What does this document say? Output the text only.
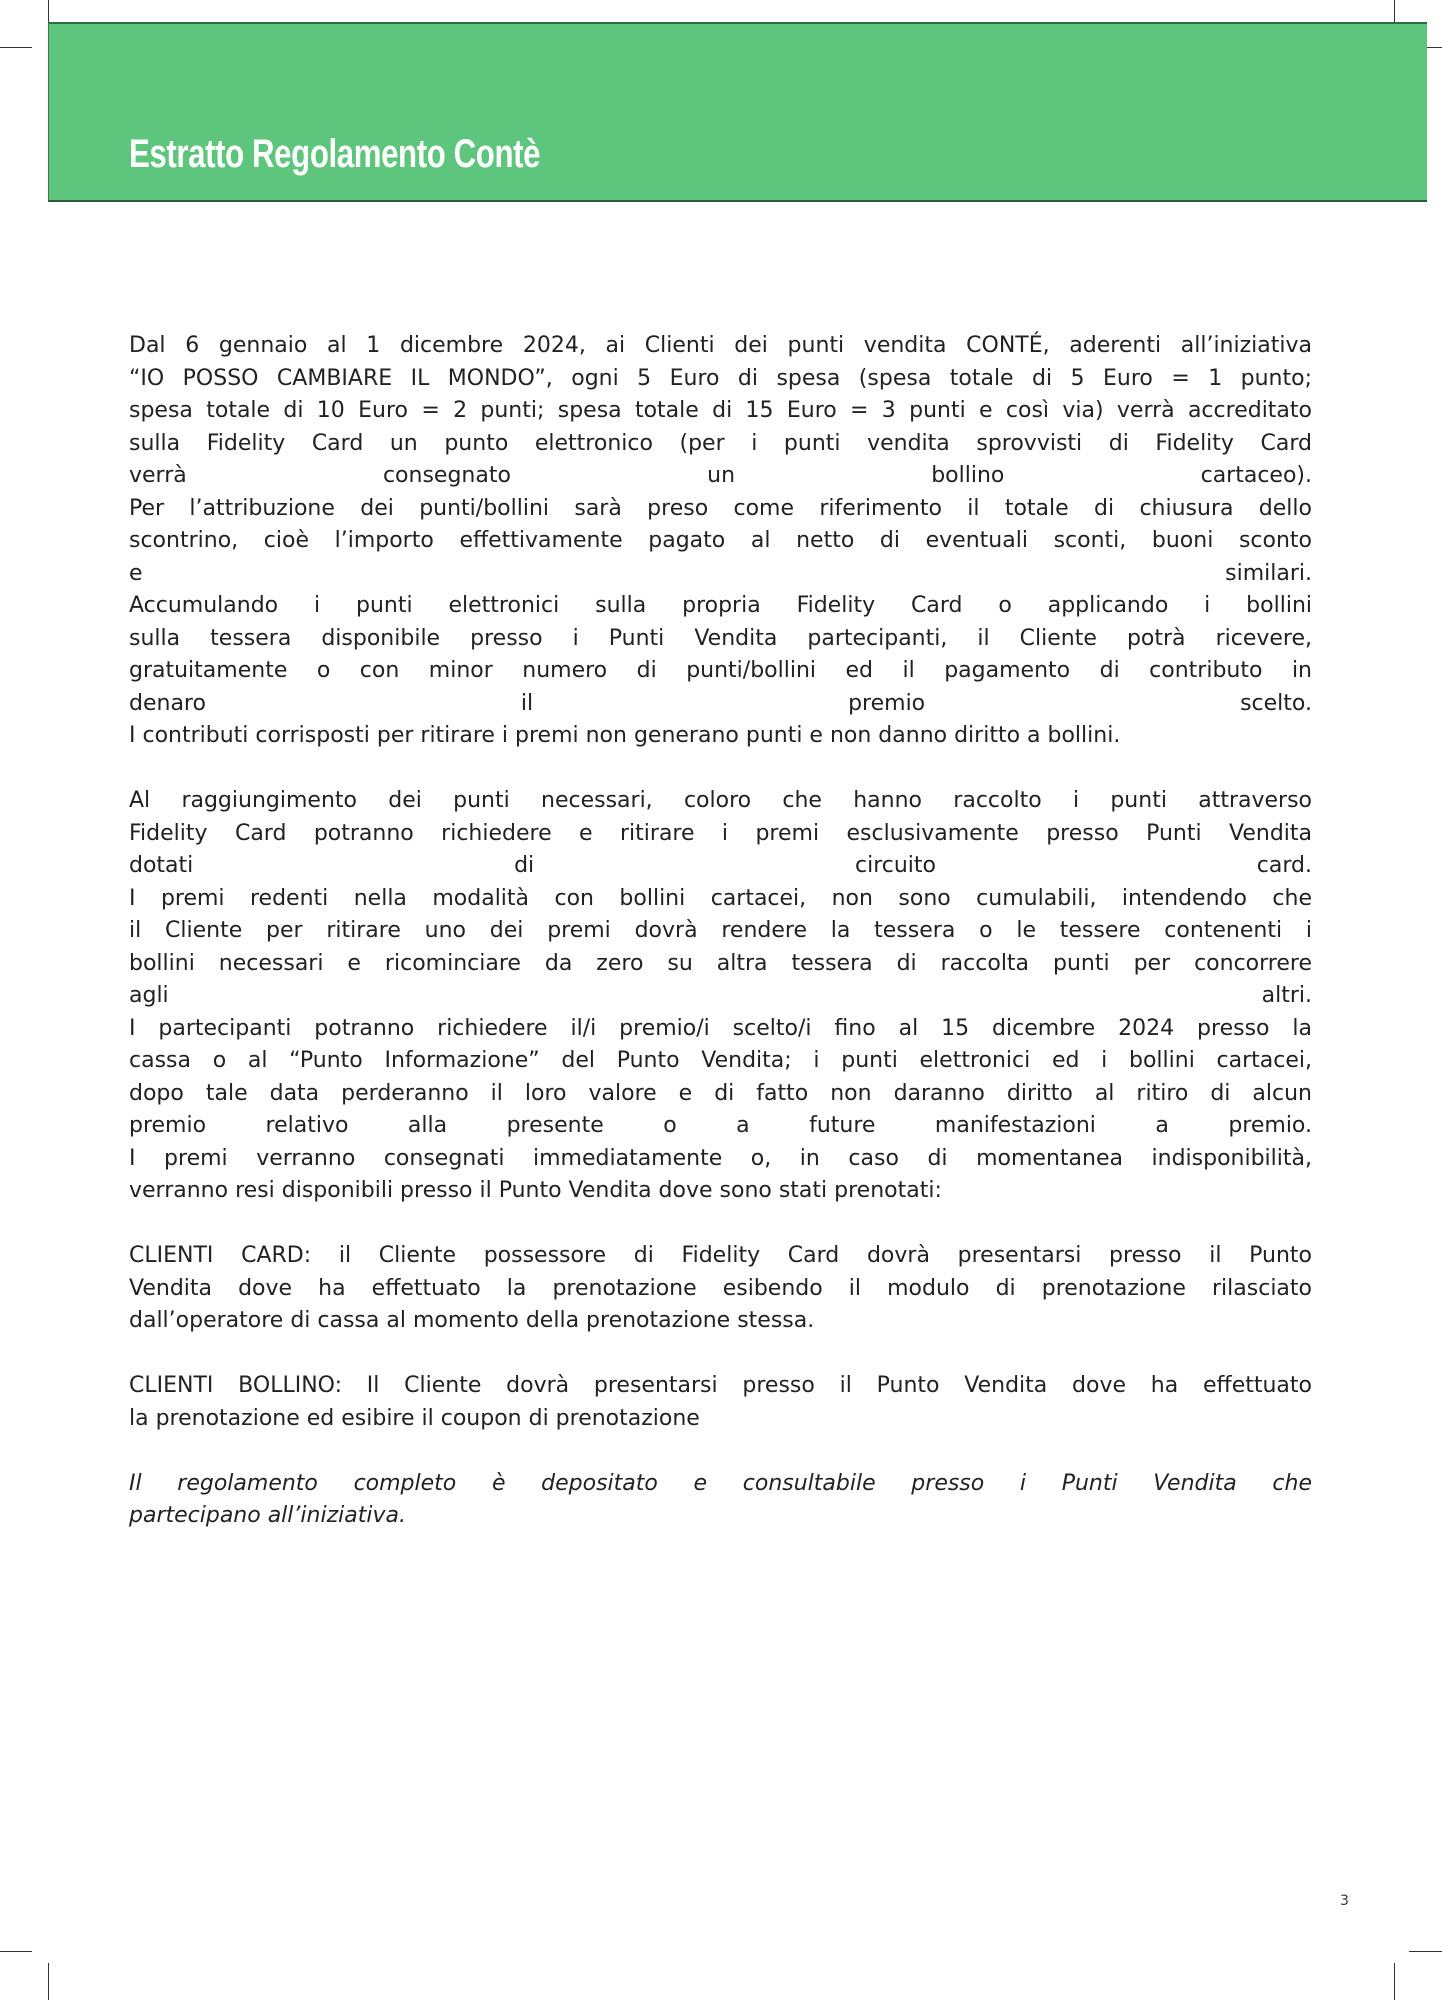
Estratto Regolamento Contè
Dal 6 gennaio al 1 dicembre 2024, ai Clienti dei punti vendita CONTÉ, aderenti all’iniziativa
“IO POSSO CAMBIARE IL MONDO”, ogni 5 Euro di spesa (spesa totale di 5 Euro = 1 punto;
spesa totale di 10 Euro = 2 punti; spesa totale di 15 Euro = 3 punti e così via) verrà accreditato
sulla Fidelity Card un punto elettronico (per i punti vendita sprovvisti di Fidelity Card
verrà consegnato un bollino cartaceo).
Per l’attribuzione dei punti/bollini sarà preso come riferimento il totale di chiusura dello
scontrino, cioè l’importo effettivamente pagato al netto di eventuali sconti, buoni sconto
e similari.
Accumulando i punti elettronici sulla propria Fidelity Card o applicando i bollini
sulla tessera disponibile presso i Punti Vendita partecipanti, il Cliente potrà ricevere,
gratuitamente o con minor numero di punti/bollini ed il pagamento di contributo in
denaro il premio scelto.
I contributi corrisposti per ritirare i premi non generano punti e non danno diritto a bollini.
Al raggiungimento dei punti necessari, coloro che hanno raccolto i punti attraverso
Fidelity Card potranno richiedere e ritirare i premi esclusivamente presso Punti Vendita
dotati di circuito card.
I premi redenti nella modalità con bollini cartacei, non sono cumulabili, intendendo che
il Cliente per ritirare uno dei premi dovrà rendere la tessera o le tessere contenenti i
bollini necessari e ricominciare da zero su altra tessera di raccolta punti per concorrere
agli altri.
I partecipanti potranno richiedere il/i premio/i scelto/i fino al 15 dicembre 2024 presso la
cassa o al “Punto Informazione” del Punto Vendita; i punti elettronici ed i bollini cartacei,
dopo tale data perderanno il loro valore e di fatto non daranno diritto al ritiro di alcun
premio relativo alla presente o a future manifestazioni a premio.
I premi verranno consegnati immediatamente o, in caso di momentanea indisponibilità,
verranno resi disponibili presso il Punto Vendita dove sono stati prenotati:
CLIENTI CARD: il Cliente possessore di Fidelity Card dovrà presentarsi presso il Punto
Vendita dove ha effettuato la prenotazione esibendo il modulo di prenotazione rilasciato
dall’operatore di cassa al momento della prenotazione stessa.
CLIENTI BOLLINO: Il Cliente dovrà presentarsi presso il Punto Vendita dove ha effettuato
la prenotazione ed esibire il coupon di prenotazione
Il regolamento completo è depositato e consultabile presso i Punti Vendita che
partecipano all’iniziativa.
3
